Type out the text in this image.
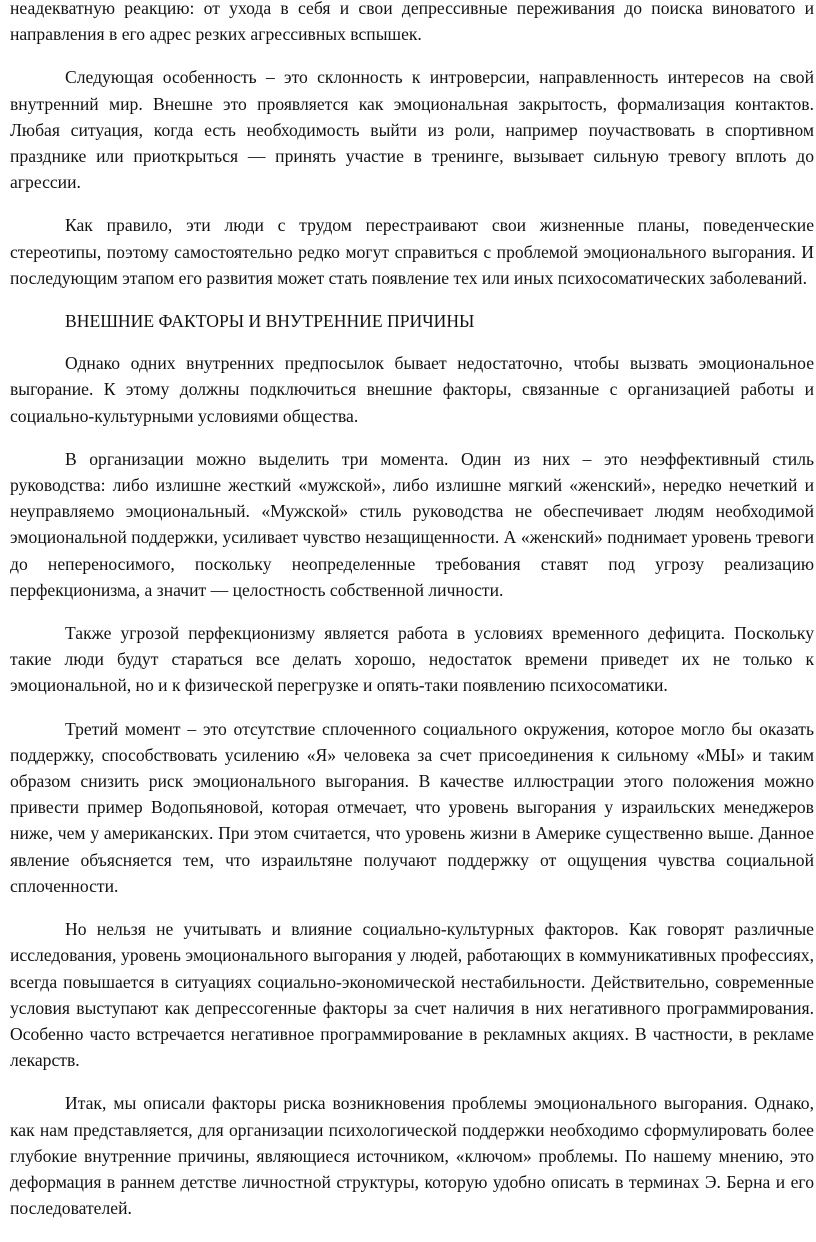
неадекватную реакцию: от ухода в себя и свои депрессивные переживания до поиска виноватого и направления в его адрес резких агрессивных вспышек.

Следующая особенность – это склонность к интроверсии, направленность интересов на свой внутренний мир. Внешне это проявляется как эмоциональная закрытость, формализация контактов. Любая ситуация, когда есть необходимость выйти из роли, например поучаствовать в спортивном празднике или приоткрыться — принять участие в тренинге, вызывает сильную тревогу вплоть до агрессии.

Как правило, эти люди с трудом перестраивают свои жизненные планы, поведенческие стереотипы, поэтому самостоятельно редко могут справиться с проблемой эмоционального выгорания. И последующим этапом его развития может стать появление тех или иных психосоматических заболеваний.

ВНЕШНИЕ ФАКТОРЫ И ВНУТРЕННИЕ ПРИЧИНЫ

Однако одних внутренних предпосылок бывает недостаточно, чтобы вызвать эмоциональное выгорание. К этому должны подключиться внешние факторы, связанные с организацией работы и социально-культурными условиями общества.

В организации можно выделить три момента. Один из них – это неэффективный стиль руководства: либо излишне жесткий «мужской», либо излишне мягкий «женский», нередко нечеткий и неуправляемо эмоциональный. «Мужской» стиль руководства не обеспечивает людям необходимой эмоциональной поддержки, усиливает чувство незащищенности. А «женский» поднимает уровень тревоги до непереносимого, поскольку неопределенные требования ставят под угрозу реализацию перфекционизма, а значит — целостность собственной личности.

Также угрозой перфекционизму является работа в условиях временного дефицита. Поскольку такие люди будут стараться все делать хорошо, недостаток времени приведет их не только к эмоциональной, но и к физической перегрузке и опять-таки появлению психосоматики.

Третий момент – это отсутствие сплоченного социального окружения, которое могло бы оказать поддержку, способствовать усилению «Я» человека за счет присоединения к сильному «МЫ» и таким образом снизить риск эмоционального выгорания. В качестве иллюстрации этого положения можно привести пример Водопьяновой, которая отмечает, что уровень выгорания у израильских менеджеров ниже, чем у американских. При этом считается, что уровень жизни в Америке существенно выше. Данное явление объясняется тем, что израильтяне получают поддержку от ощущения чувства социальной сплоченности.

Но нельзя не учитывать и влияние социально-культурных факторов. Как говорят различные исследования, уровень эмоционального выгорания у людей, работающих в коммуникативных профессиях, всегда повышается в ситуациях социально-экономической нестабильности. Действительно, современные условия выступают как депрессогенные факторы за счет наличия в них негативного программирования. Особенно часто встречается негативное программирование в рекламных акциях. В частности, в рекламе лекарств.

Итак, мы описали факторы риска возникновения проблемы эмоционального выгорания. Однако, как нам представляется, для организации психологической поддержки необходимо сформулировать более глубокие внутренние причины, являющиеся источником, «ключом» проблемы. По нашему мнению, это деформация в раннем детстве личностной структуры, которую удобно описать в терминах Э. Берна и его последователей.
